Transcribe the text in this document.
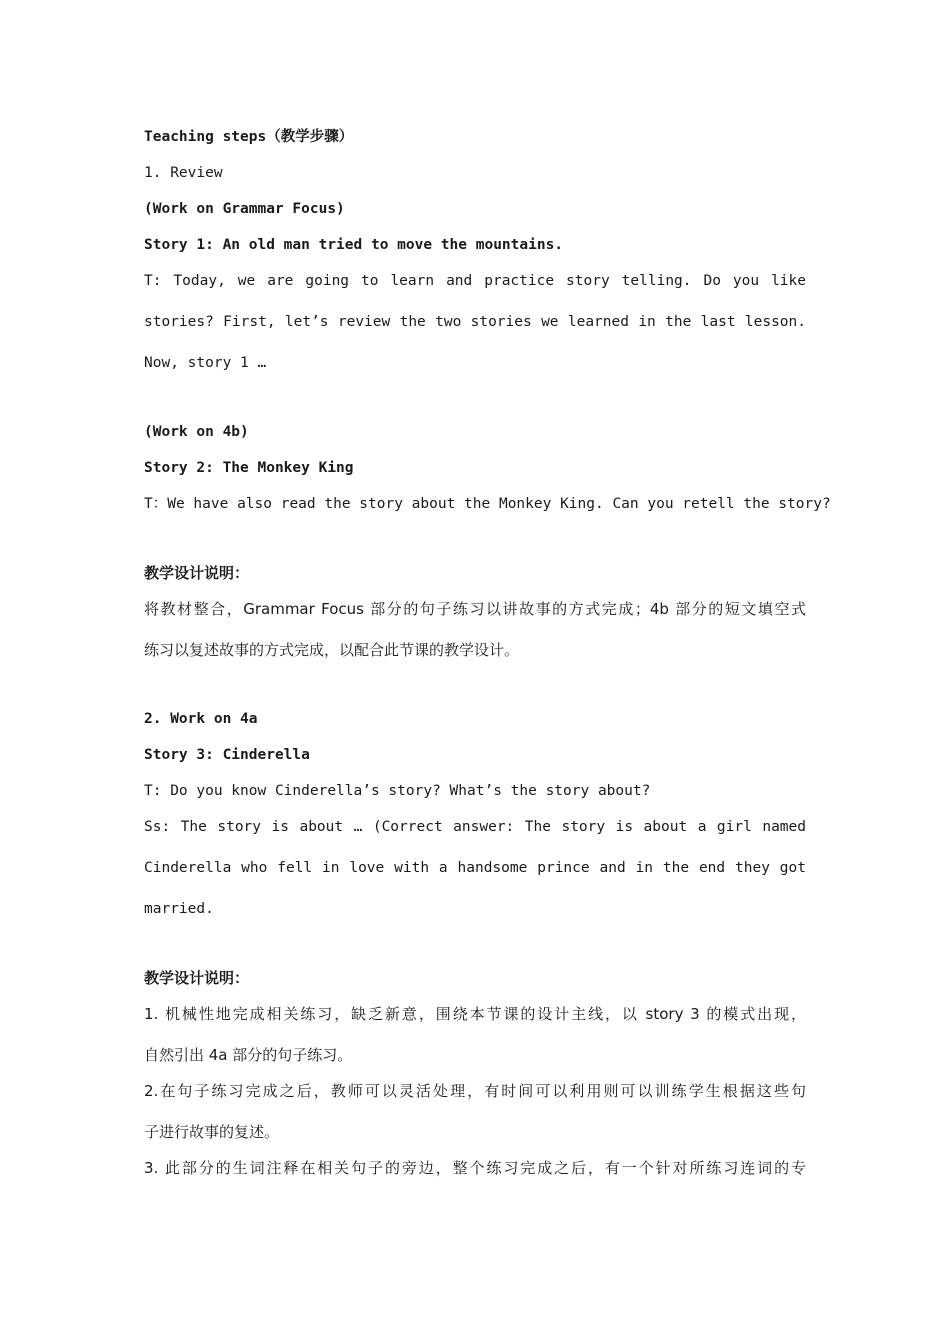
Teaching steps（教学步骤）

1. Review

(Work on Grammar Focus)

Story 1: An old man tried to move the mountains.

T: Today, we are going to learn and practice story telling. Do you like

stories? First, let’s review the two stories we learned in the last lesson.

Now, story 1 …

(Work on 4b)

Story 2: The Monkey King

T：We have also read the story about the Monkey King. Can you retell the story?

教学设计说明：

将教材整合，Grammar Focus 部分的句子练习以讲故事的方式完成；4b 部分的短文填空式

练习以复述故事的方式完成，以配合此节课的教学设计。

2. Work on 4a

Story 3: Cinderella

T: Do you know Cinderella’s story? What’s the story about?

Ss: The story is about … (Correct answer: The story is about a girl named

Cinderella who fell in love with a handsome prince and in the end they got

married.

教学设计说明：

1. 机械性地完成相关练习，缺乏新意，围绕本节课的设计主线，以 story 3 的模式出现，

自然引出 4a 部分的句子练习。

2.在句子练习完成之后，教师可以灵活处理，有时间可以利用则可以训练学生根据这些句

子进行故事的复述。

3. 此部分的生词注释在相关句子的旁边，整个练习完成之后，有一个针对所练习连词的专
